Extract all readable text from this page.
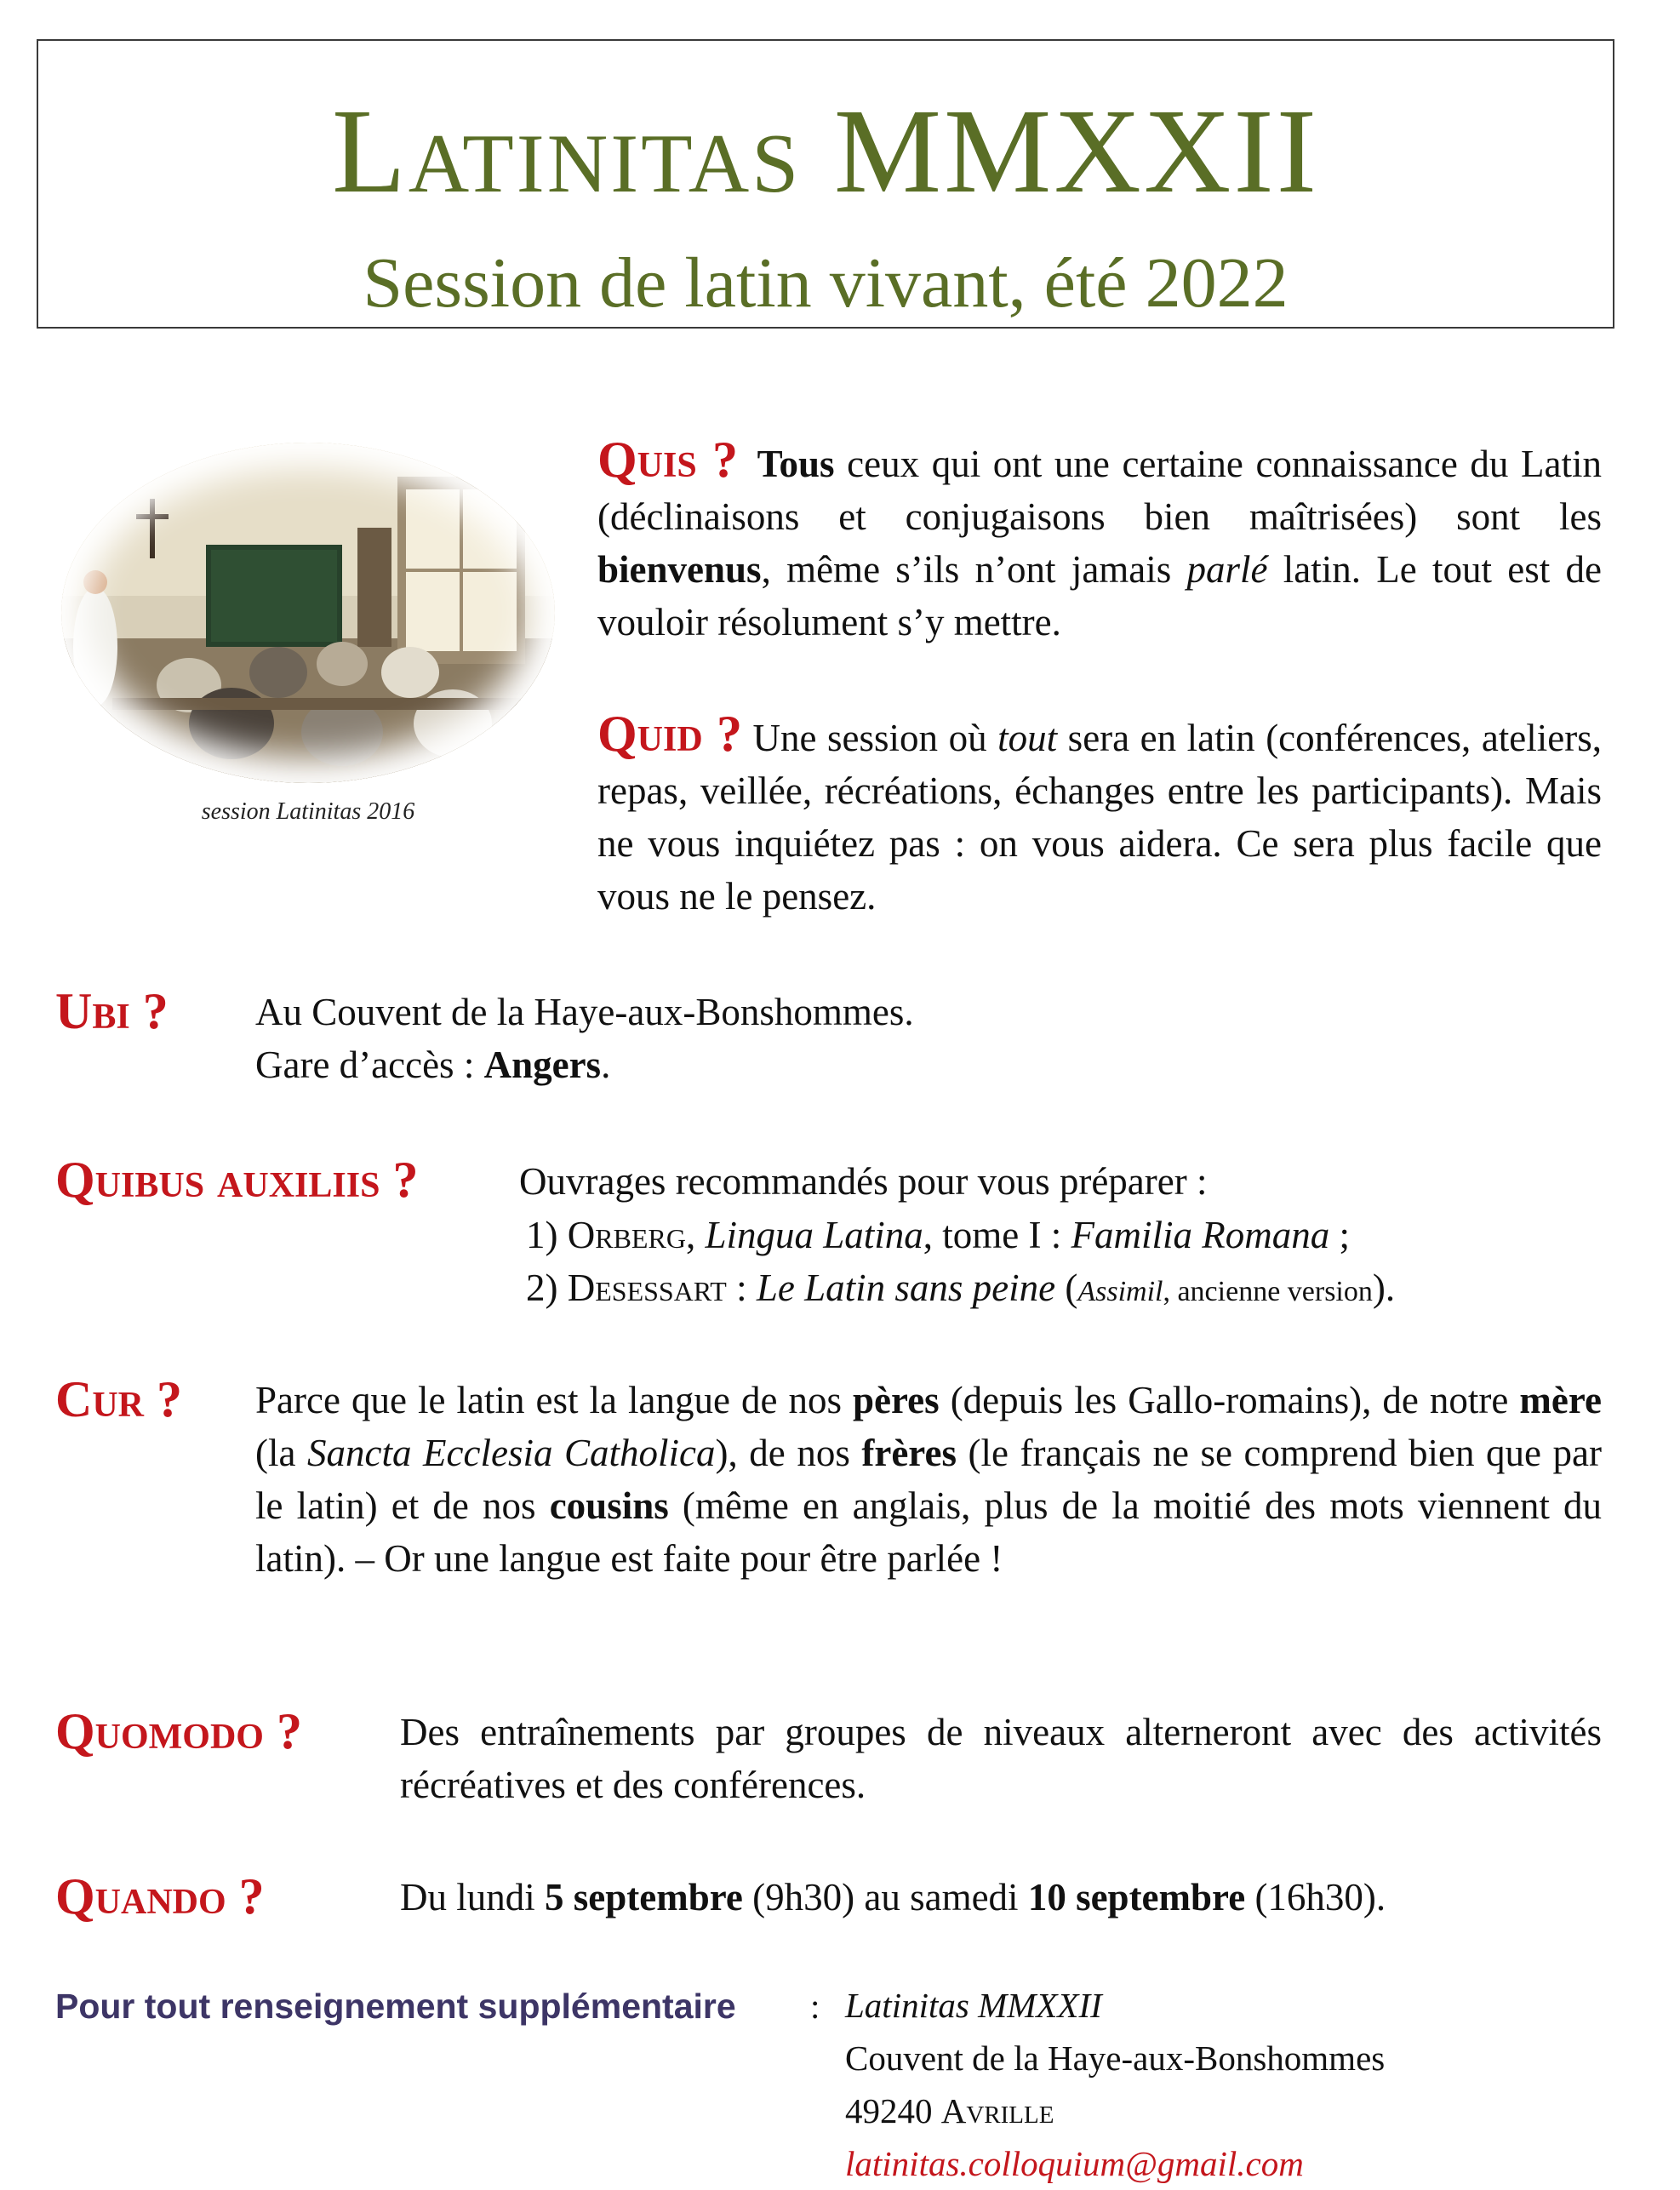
Latinitas MMXXII
Session de latin vivant, été 2022
session Latinitas 2016
Quis ? Tous ceux qui ont une certaine connaissance du Latin (déclinaisons et conjugaisons bien maîtrisées) sont les bienvenus, même s’ils n’ont jamais parlé latin. Le tout est de vouloir résolument s’y mettre.
Quid ? Une session où tout sera en latin (conférences, ateliers, repas, veillée, récréations, échanges entre les participants). Mais ne vous inquiétez pas : on vous aidera. Ce sera plus facile que vous ne le pensez.
Ubi ? Au Couvent de la Haye-aux-Bonshommes.
Gare d’accès : Angers.
Quibus auxiliis ?	Ouvrages recommandés pour vous préparer :
1) Orberg, Lingua Latina, tome I : Familia Romana ;
2) Desessart : Le Latin sans peine (Assimil, ancienne version).
Cur ? Parce que le latin est la langue de nos pères (depuis les Gallo-romains), de notre mère (la Sancta Ecclesia Catholica), de nos frères (le français ne se comprend bien que par le latin) et de nos cousins (même en anglais, plus de la moitié des mots viennent du latin). – Or une langue est faite pour être parlée !
Quomodo ?	Des entraînements par groupes de niveaux alterneront avec des activités récréatives et des conférences.
Quando ?	Du lundi 5 septembre (9h30) au samedi 10 septembre (16h30).
Pour tout renseignement supplémentaire : Latinitas MMXXII
Couvent de la Haye-aux-Bonshommes
49240 Avrille
latinitas.colloquium@gmail.com
